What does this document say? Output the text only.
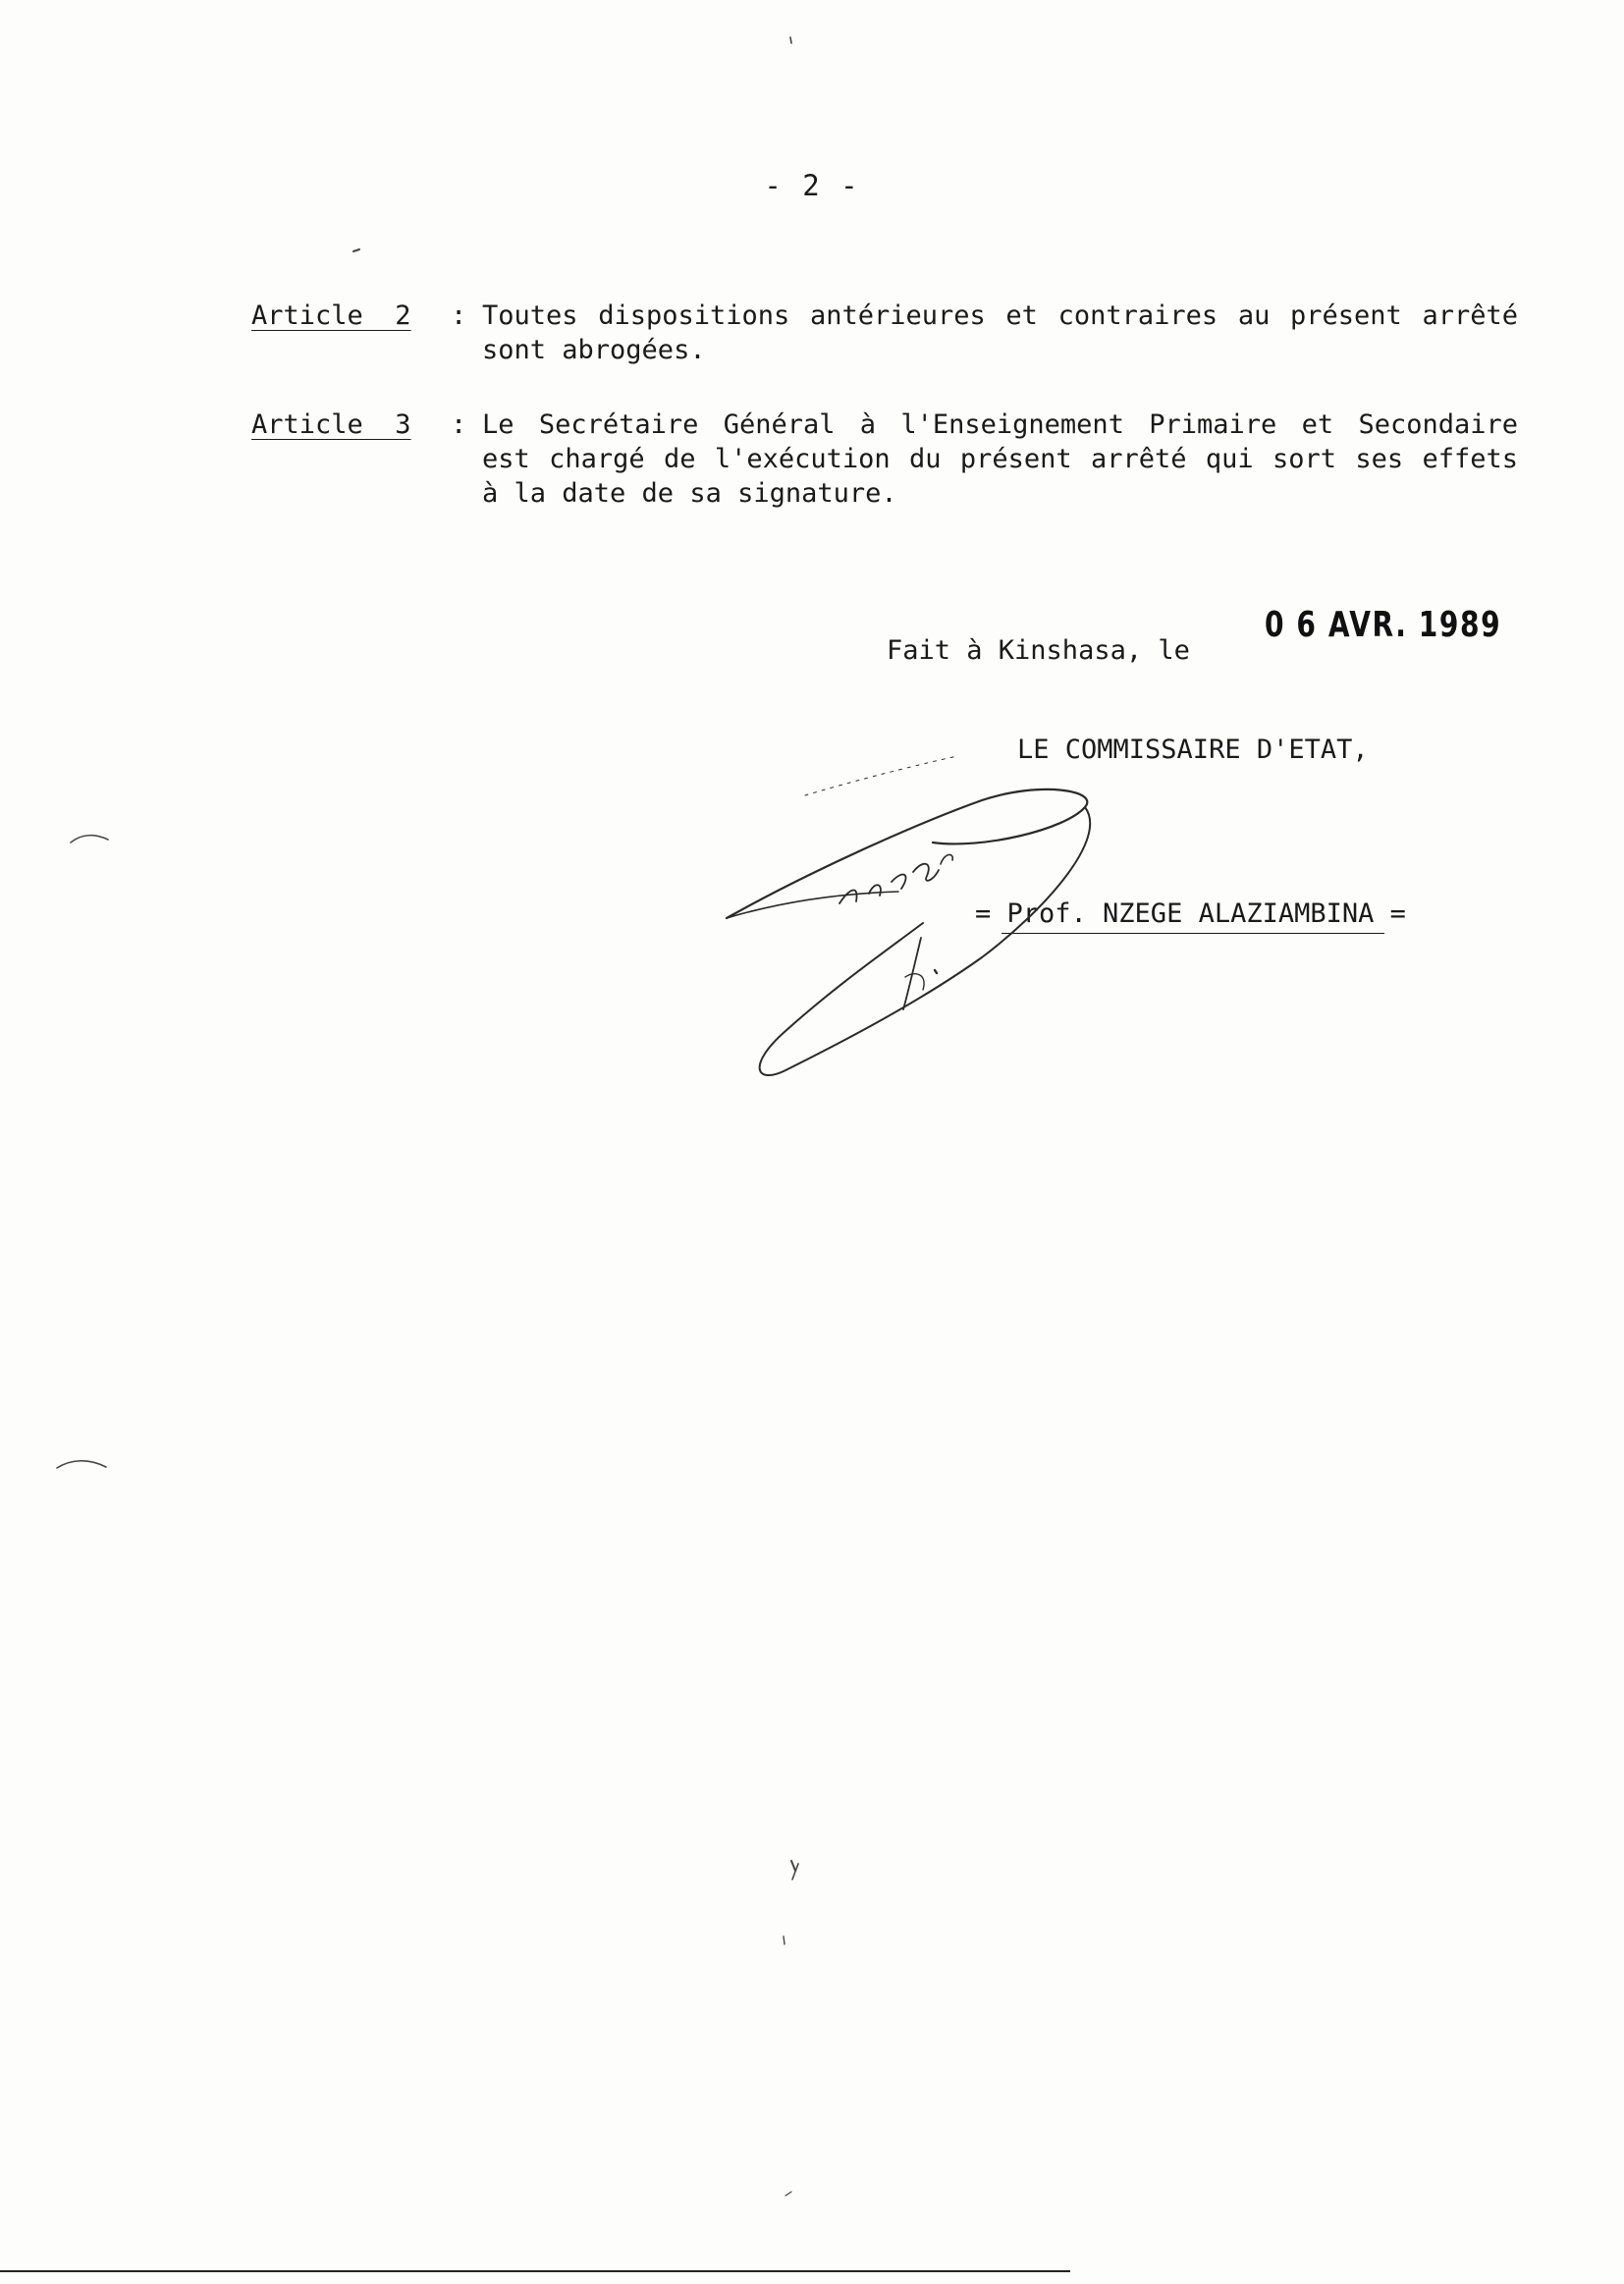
- 2 -
Article  2	: Toutes dispositions antérieures et contraires au présent arrêté sont abrogées.
Article  3	: Le Secrétaire Général à l'Enseignement Primaire et Secondaire est chargé de l'exécution du présent arrêté qui sort ses effets à la date de sa signature.
Fait à Kinshasa, le
0 6 AVR. 1989
LE COMMISSAIRE D'ETAT,
= Prof. NZEGE ALAZIAMBINA =
